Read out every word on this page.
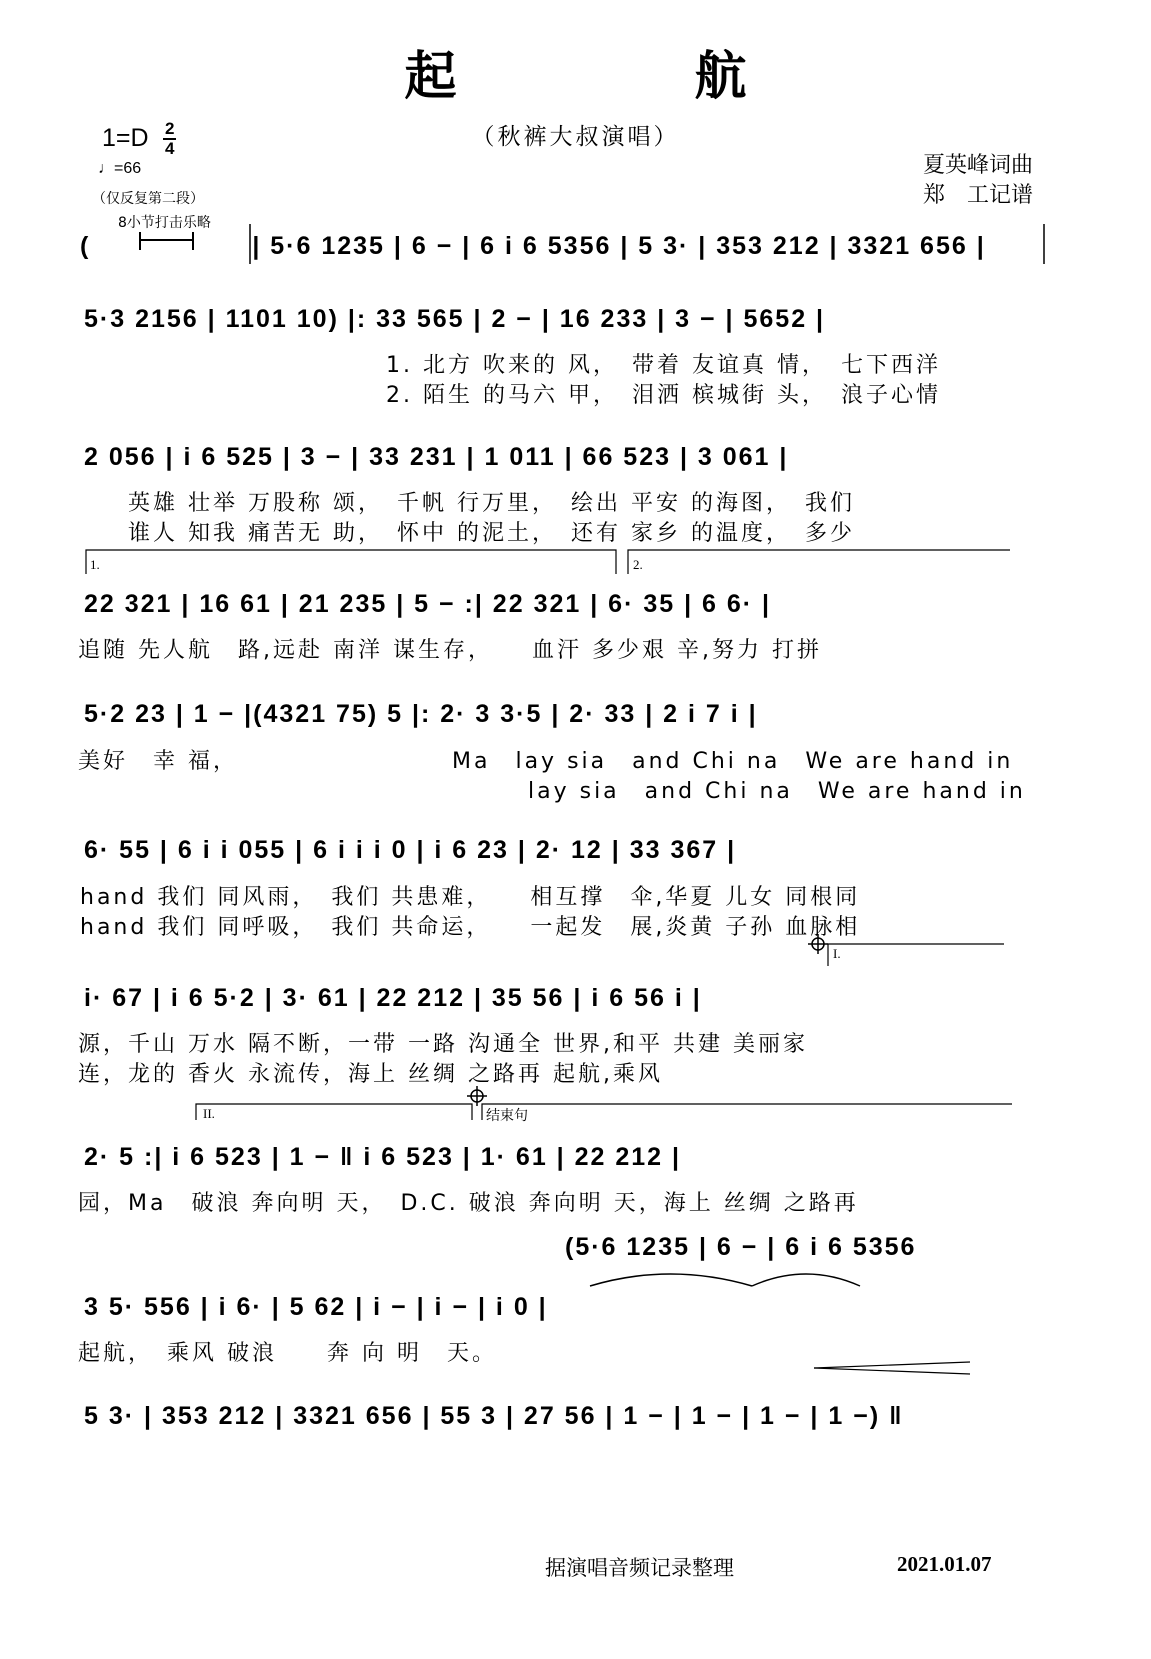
起 航
（秋裤大叔演唱）
1=D 2
4
♩=66
（仅反复第二段）
8小节打击乐略
夏英峰词曲
郑　工记谱
(　　　　　　| 5·6 1235 | 6 − | 6 i 6 5356 | 5 3· | 353 212 | 3321 656 |
5·3 2156 | 1101 10) |: 33 565 | 2 − | 16 233 | 3 − | 5652 |
1. 北方 吹来的 风，　带着 友谊真 情，　七下西洋
2. 陌生 的马六 甲，　泪洒 槟城街 头，　浪子心情
2 056 | i 6 525 | 3 − | 33 231 | 1 011 | 66 523 | 3 061 |
英雄 壮举 万股称 颂，　千帆 行万里，　绘出 平安 的海图，　我们
谁人 知我 痛苦无 助，　怀中 的泥土，　还有 家乡 的温度，　多少
1.	2.
22 321 | 16 61 | 21 235 | 5 − :| 22 321 | 6· 35 | 6 6· |
追随 先人航　路,远赴 南洋 谋生存，　　血汗 多少艰 辛,努力 打拼
5·2 23 | 1 − |(4321 75) 5 |: 2· 3 3·5 | 2· 33 | 2 i 7 i |
美好　幸 福，　　　　　　　　　Ma　lay sia　and Chi na　We are hand in
　　　　　　　　　　　　　　　　　　lay sia　and Chi na　We are hand in
6· 55 | 6 i i 055 | 6 i i i 0 | i 6 23 | 2· 12 | 33 367 |
hand 我们 同风雨，　我们 共患难，　　相互撑　伞,华夏 儿女 同根同
hand 我们 同呼吸，　我们 共命运，　　一起发　展,炎黄 子孙 血脉相
I.
i· 67 | i 6 5·2 | 3· 61 | 22 212 | 35 56 | i 6 56 i |
源，千山 万水 隔不断，一带 一路 沟通全 世界,和平 共建 美丽家
连，龙的 香火 永流传，海上 丝绸 之路再 起航,乘风
II.	结束句
2· 5 :| i 6 523 | 1 − ‖ i 6 523 | 1· 61 | 22 212 |
园，Ma　破浪 奔向明 天，　D.C. 破浪 奔向明 天，海上 丝绸 之路再
(5·6 1235 | 6 − | 6 i 6 5356
3 5· 556 | i 6· | 5 62 | i − | i − | i 0 |
起航，　乘风 破浪　　奔 向 明　天。
5 3· | 353 212 | 3321 656 | 55 3 | 27 56 | 1 − | 1 − | 1 − | 1 −) ‖
据演唱音频记录整理	2021.01.07
